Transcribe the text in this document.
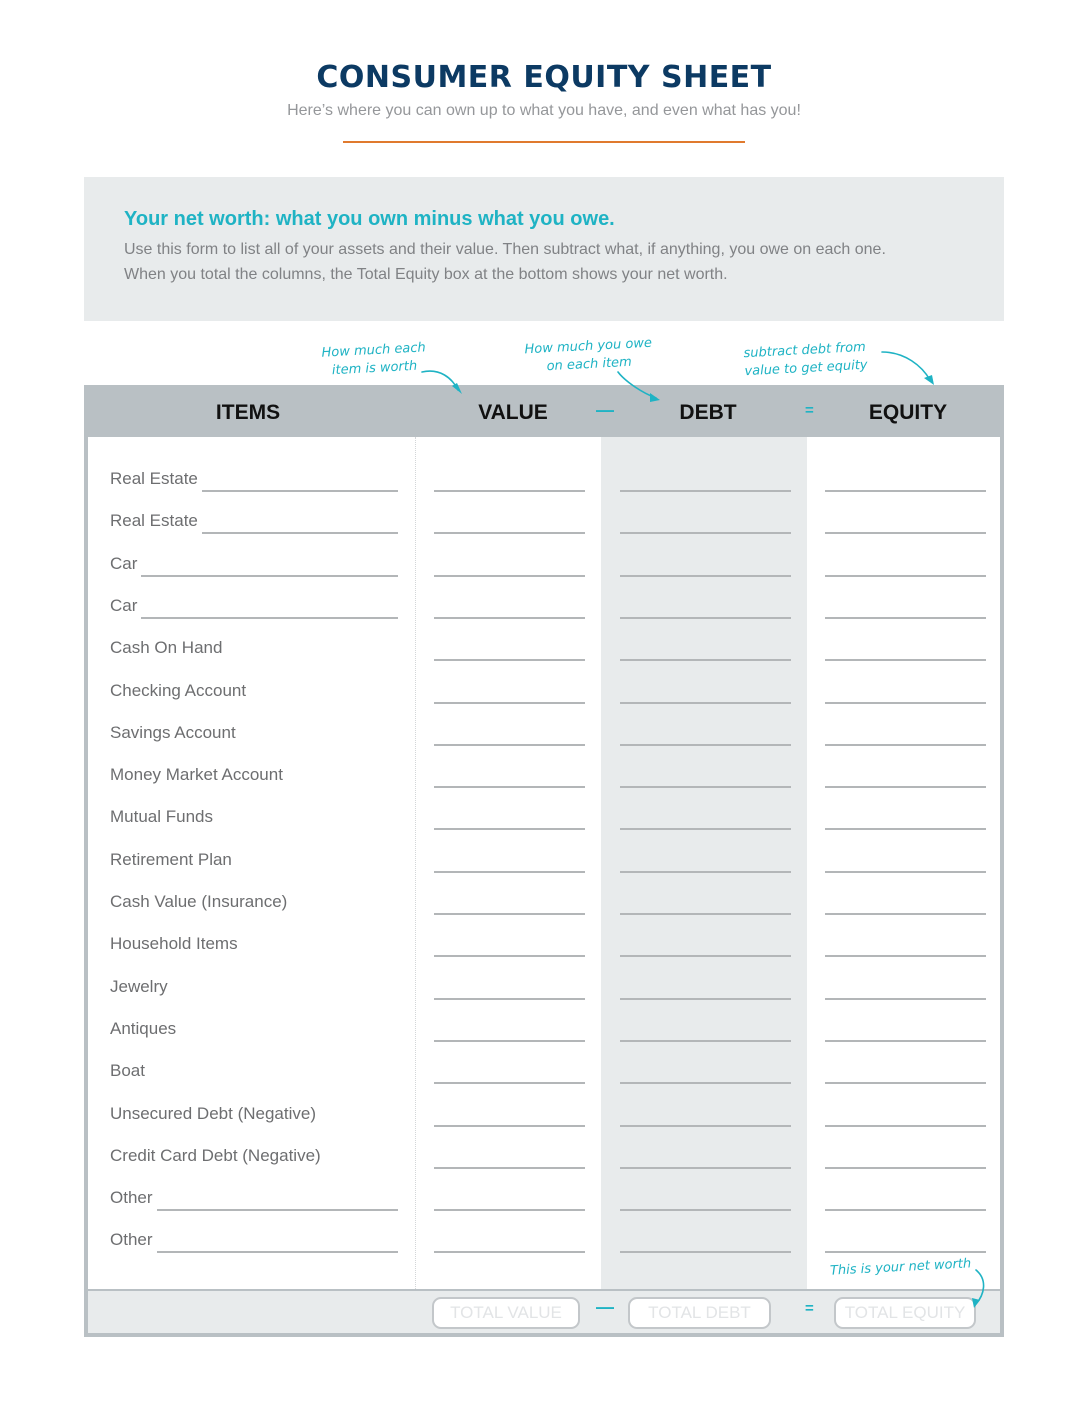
CONSUMER EQUITY SHEET
Here’s where you can own up to what you have, and even what has you!
Your net worth: what you own minus what you owe.
Use this form to list all of your assets and their value. Then subtract what, if anything, you owe on each one.
When you total the columns, the Total Equity box at the bottom shows your net worth.
How much each
item is worth
How much you owe
on each item
subtract debt from
value to get equity
ITEMS	VALUE	—	DEBT	=	EQUITY
Real Estate
Real Estate
Car
Car
Cash On Hand
Checking Account
Savings Account
Money Market Account
Mutual Funds
Retirement Plan
Cash Value (Insurance)
Household Items
Jewelry
Antiques
Boat
Unsecured Debt (Negative)
Credit Card Debt (Negative)
Other
Other
TOTAL VALUE	—	TOTAL DEBT	=	TOTAL EQUITY
This is your net worth
